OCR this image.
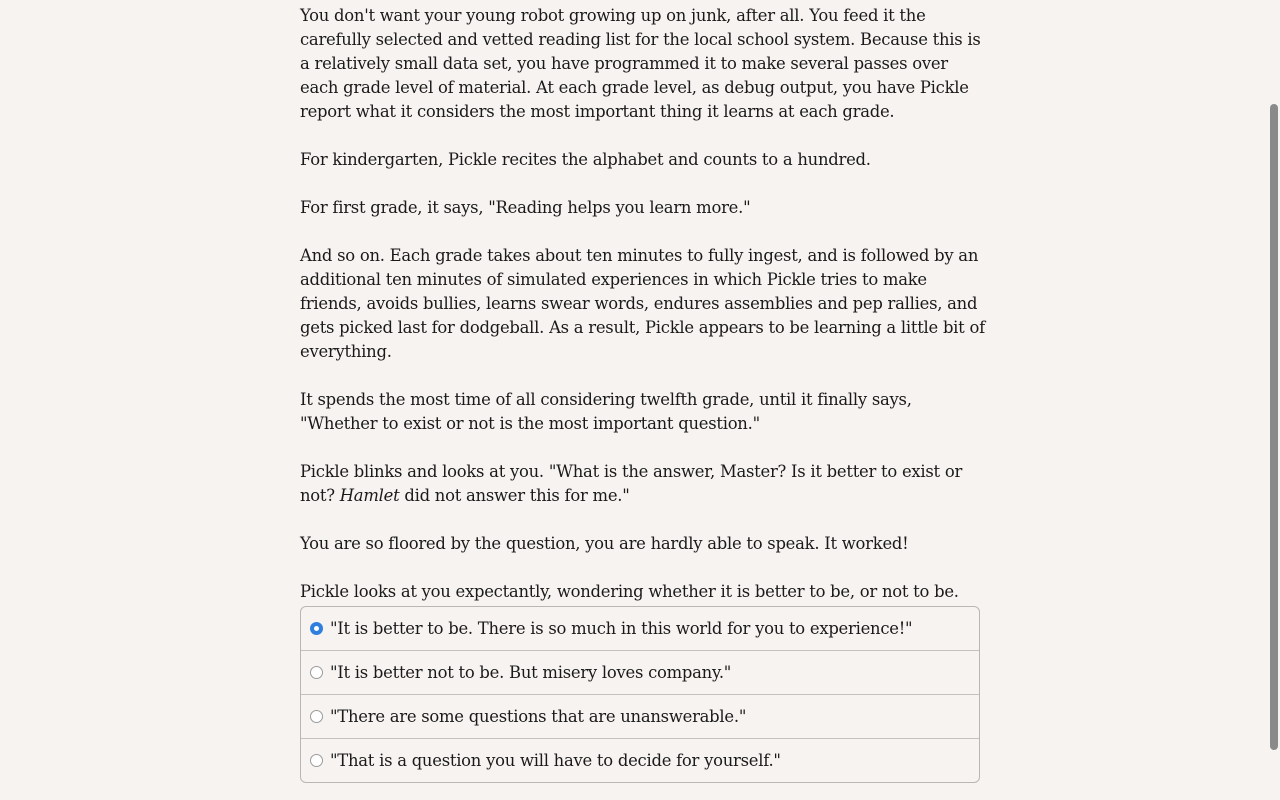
You don't want your young robot growing up on junk, after all. You feed it the carefully selected and vetted reading list for the local school system. Because this is a relatively small data set, you have programmed it to make several passes over each grade level of material. At each grade level, as debug output, you have Pickle report what it considers the most important thing it learns at each grade.

For kindergarten, Pickle recites the alphabet and counts to a hundred.

For first grade, it says, "Reading helps you learn more."

And so on. Each grade takes about ten minutes to fully ingest, and is followed by an additional ten minutes of simulated experiences in which Pickle tries to make friends, avoids bullies, learns swear words, endures assemblies and pep rallies, and gets picked last for dodgeball. As a result, Pickle appears to be learning a little bit of everything.

It spends the most time of all considering twelfth grade, until it finally says, "Whether to exist or not is the most important question."

Pickle blinks and looks at you. "What is the answer, Master? Is it better to exist or not? Hamlet did not answer this for me."

You are so floored by the question, you are hardly able to speak. It worked!

Pickle looks at you expectantly, wondering whether it is better to be, or not to be.

"It is better to be. There is so much in this world for you to experience!"
"It is better not to be. But misery loves company."
"There are some questions that are unanswerable."
"That is a question you will have to decide for yourself."
